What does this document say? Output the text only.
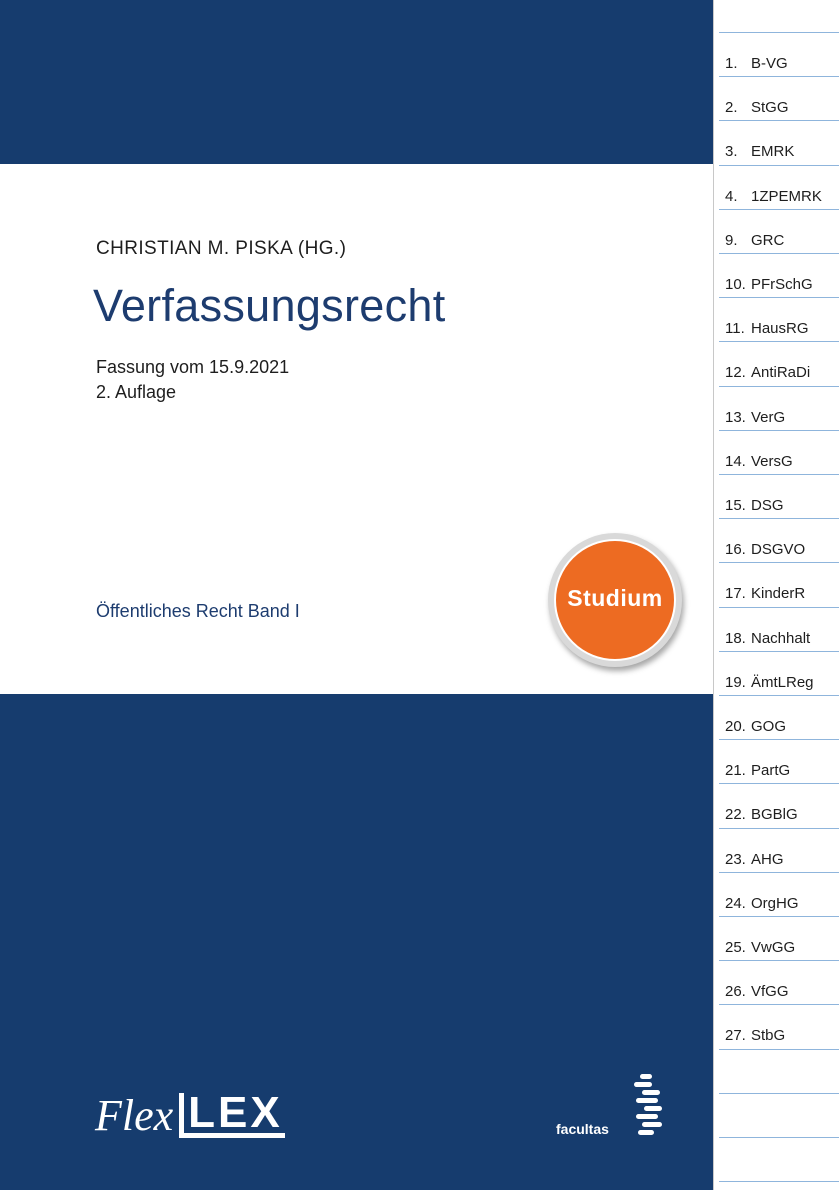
CHRISTIAN M. PISKA (HG.)
Verfassungsrecht
Fassung vom 15.9.2021
2. Auflage
Öffentliches Recht Band I
Studium
Flex LEX	facultas
1. B-VG
2. StGG
3. EMRK
4. 1ZPEMRK
9. GRC
10. PFrSchG
11. HausRG
12. AntiRaDi
13. VerG
14. VersG
15. DSG
16. DSGVO
17. KinderR
18. Nachhalt
19. ÄmtLReg
20. GOG
21. PartG
22. BGBlG
23. AHG
24. OrgHG
25. VwGG
26. VfGG
27. StbG
